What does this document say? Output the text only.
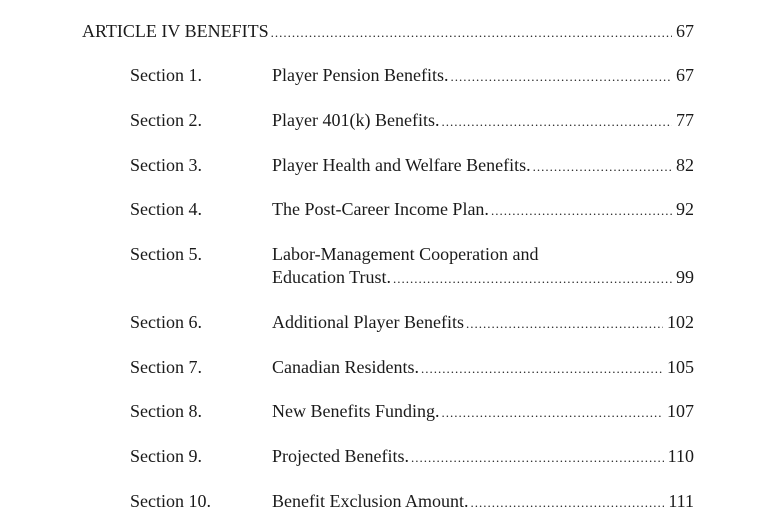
ARTICLE IV BENEFITS .....	67
Section 1.	Player Pension Benefits. .....	67
Section 2.	Player 401(k) Benefits. .....	77
Section 3.	Player Health and Welfare Benefits. .....	82
Section 4.	The Post-Career Income Plan. .....	92
Section 5.	Labor-Management Cooperation and
Education Trust. .....	99
Section 6.	Additional Player Benefits .....	102
Section 7.	Canadian Residents. .....	105
Section 8.	New Benefits Funding. .....	107
Section 9.	Projected Benefits. .....	110
Section 10.	Benefit Exclusion Amount. .....	111
